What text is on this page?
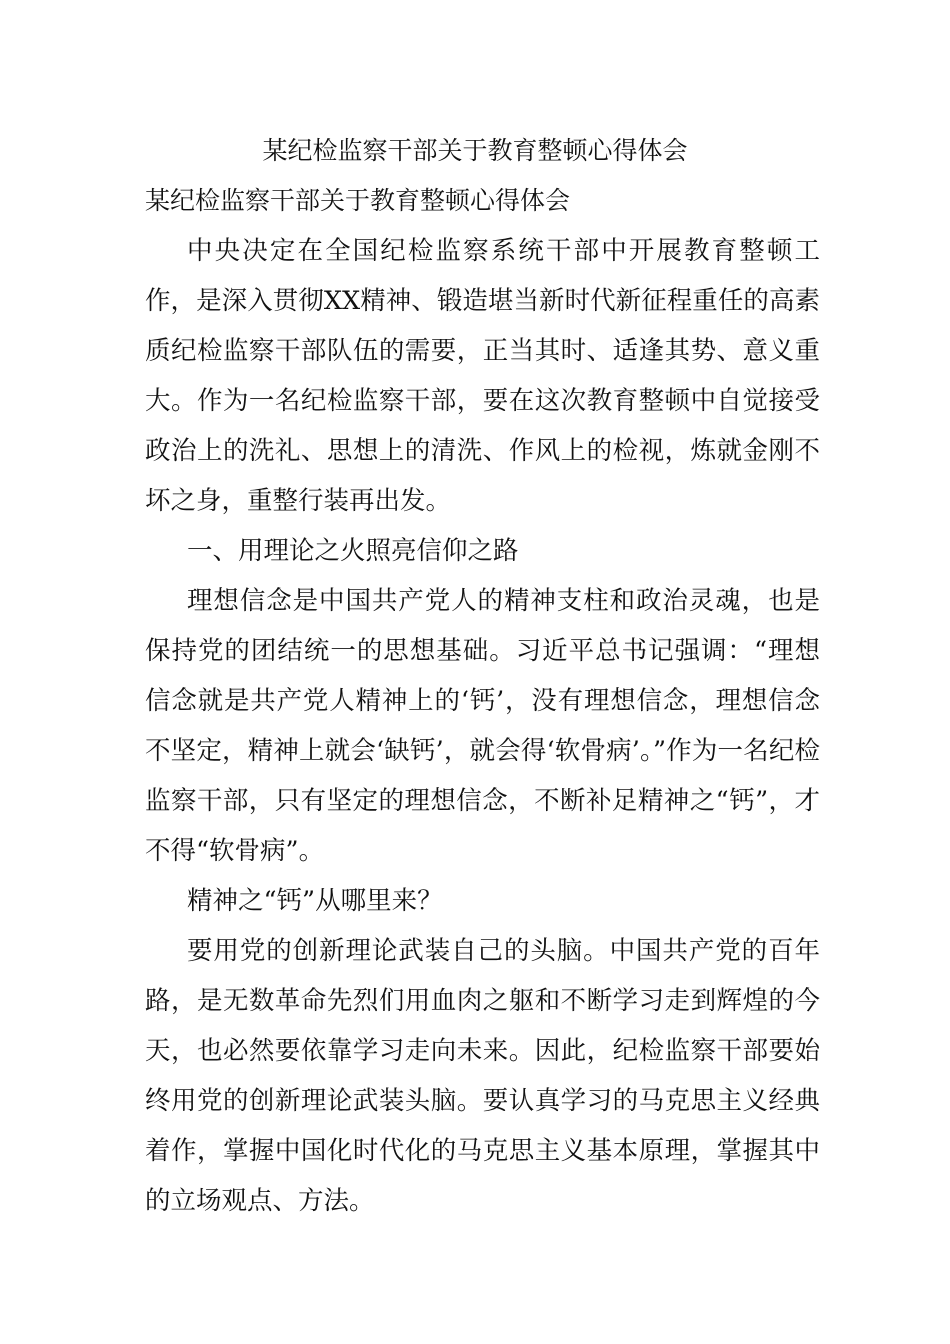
某纪检监察干部关于教育整顿心得体会

某纪检监察干部关于教育整顿心得体会

中央决定在全国纪检监察系统干部中开展教育整顿工作，是深入贯彻XX精神、锻造堪当新时代新征程重任的高素质纪检监察干部队伍的需要，正当其时、适逢其势、意义重大。作为一名纪检监察干部，要在这次教育整顿中自觉接受政治上的洗礼、思想上的清洗、作风上的检视，炼就金刚不坏之身，重整行装再出发。

一、用理论之火照亮信仰之路

理想信念是中国共产党人的精神支柱和政治灵魂，也是保持党的团结统一的思想基础。习近平总书记强调：“理想信念就是共产党人精神上的‘钙’，没有理想信念，理想信念不坚定，精神上就会‘缺钙’，就会得‘软骨病’。”作为一名纪检监察干部，只有坚定的理想信念，不断补足精神之“钙”，才不得“软骨病”。

精神之“钙”从哪里来？

要用党的创新理论武装自己的头脑。中国共产党的百年路，是无数革命先烈们用血肉之躯和不断学习走到辉煌的今天，也必然要依靠学习走向未来。因此，纪检监察干部要始终用党的创新理论武装头脑。要认真学习的马克思主义经典着作，掌握中国化时代化的马克思主义基本原理，掌握其中的立场观点、方法。
